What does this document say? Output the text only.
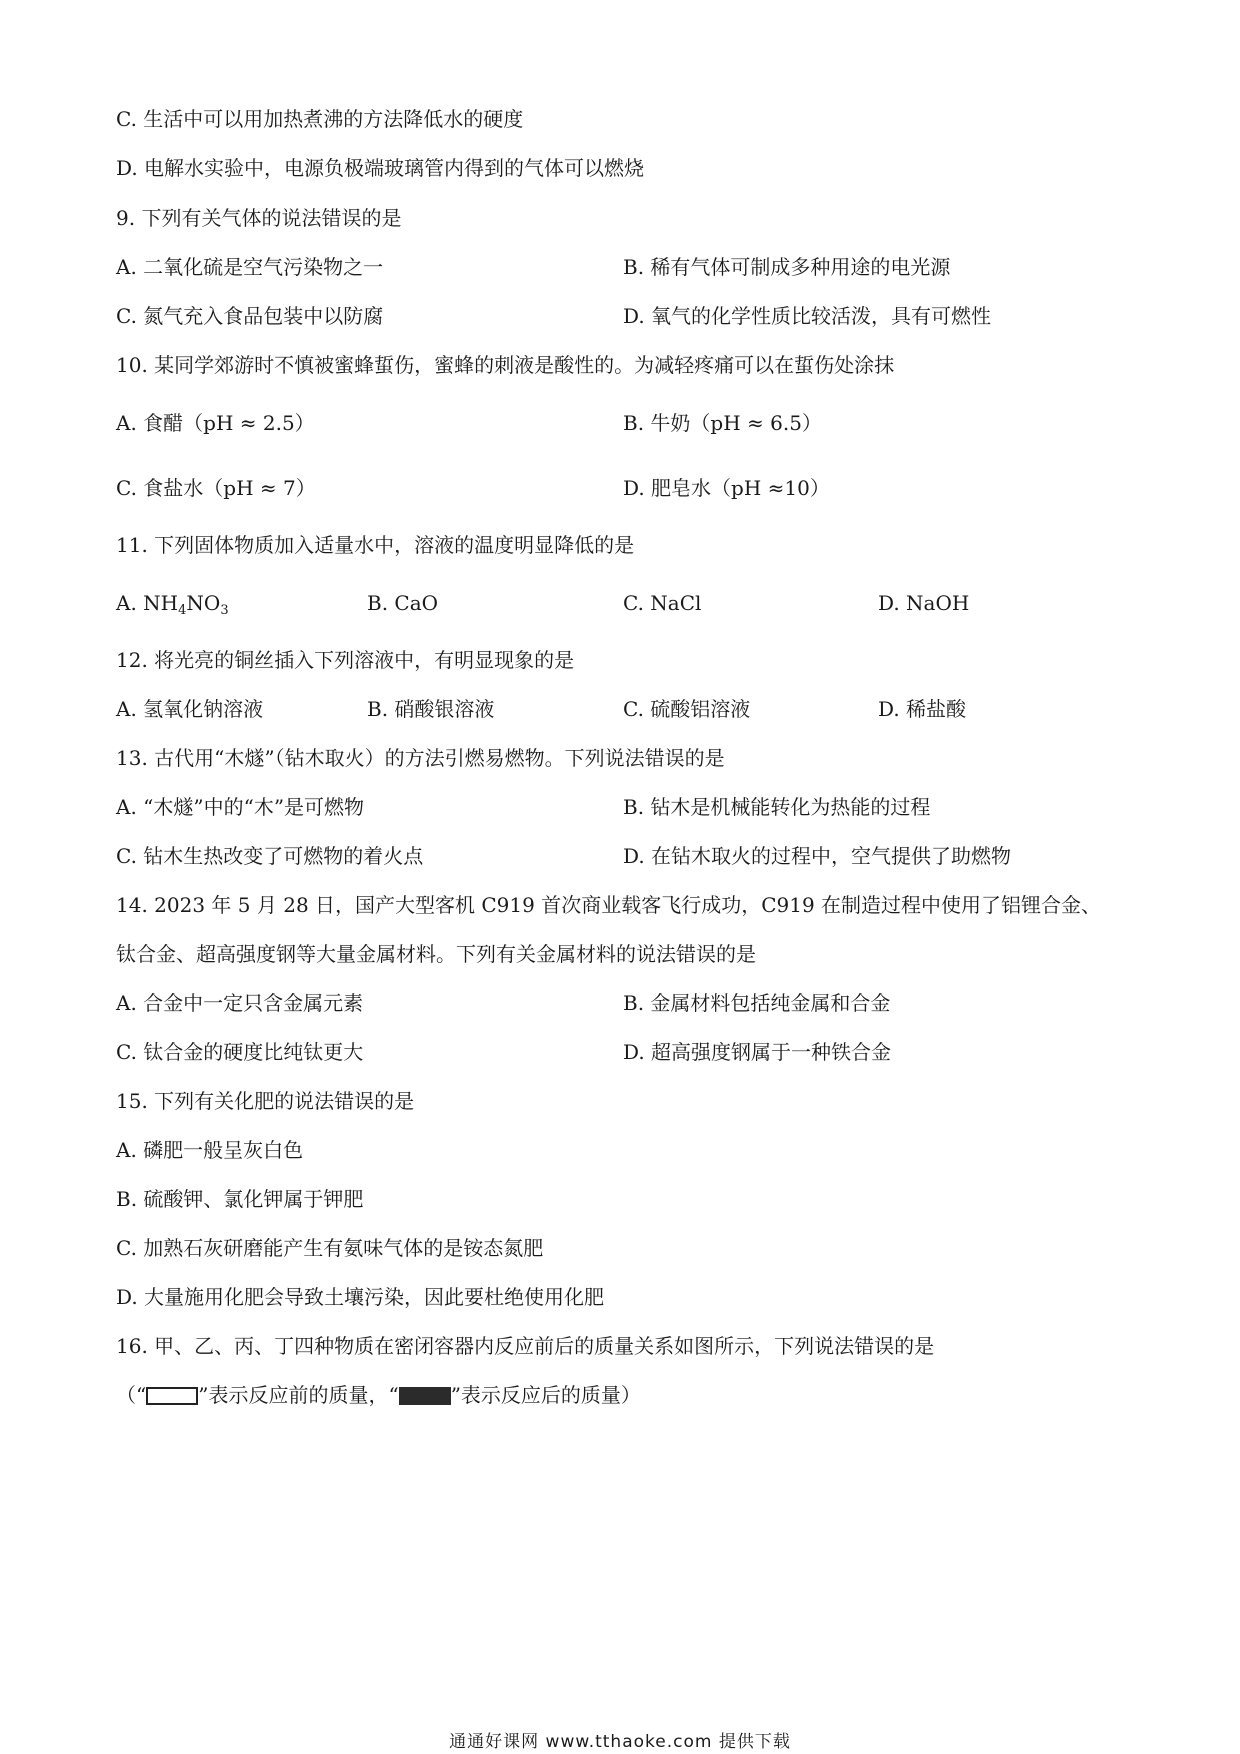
C. 生活中可以用加热煮沸的方法降低水的硬度
D. 电解水实验中，电源负极端玻璃管内得到的气体可以燃烧
9. 下列有关气体的说法错误的是
A. 二氧化硫是空气污染物之一	B. 稀有气体可制成多种用途的电光源
C. 氮气充入食品包装中以防腐	D. 氧气的化学性质比较活泼，具有可燃性
10. 某同学郊游时不慎被蜜蜂蜇伤，蜜蜂的刺液是酸性的。为减轻疼痛可以在蜇伤处涂抹
A. 食醋（pH ≈ 2.5）	B. 牛奶（pH ≈ 6.5）
C. 食盐水（pH ≈ 7）	D. 肥皂水（pH ≈10）
11. 下列固体物质加入适量水中，溶液的温度明显降低的是
A. $NH_4NO_3$	B. CaO	C. NaCl	D. NaOH
12. 将光亮的铜丝插入下列溶液中，有明显现象的是
A. 氢氧化钠溶液	B. 硝酸银溶液	C. 硫酸铝溶液	D. 稀盐酸
13. 古代用“木燧”（钻木取火）的方法引燃易燃物。下列说法错误的是
A. “木燧”中的“木”是可燃物	B. 钻木是机械能转化为热能的过程
C. 钻木生热改变了可燃物的着火点	D. 在钻木取火的过程中，空气提供了助燃物
14. 2023 年 5 月 28 日，国产大型客机 C919 首次商业载客飞行成功，C919 在制造过程中使用了铝锂合金、
钛合金、超高强度钢等大量金属材料。下列有关金属材料的说法错误的是
A. 合金中一定只含金属元素	B. 金属材料包括纯金属和合金
C. 钛合金的硬度比纯钛更大	D. 超高强度钢属于一种铁合金
15. 下列有关化肥的说法错误的是
A. 磷肥一般呈灰白色
B. 硫酸钾、氯化钾属于钾肥
C. 加熟石灰研磨能产生有氨味气体的是铵态氮肥
D. 大量施用化肥会导致土壤污染，因此要杜绝使用化肥
16. 甲、乙、丙、丁四种物质在密闭容器内反应前后的质量关系如图所示，下列说法错误的是
（“	”表示反应前的质量，“	”表示反应后的质量）
通通好课网 www.tthaoke.com 提供下载
